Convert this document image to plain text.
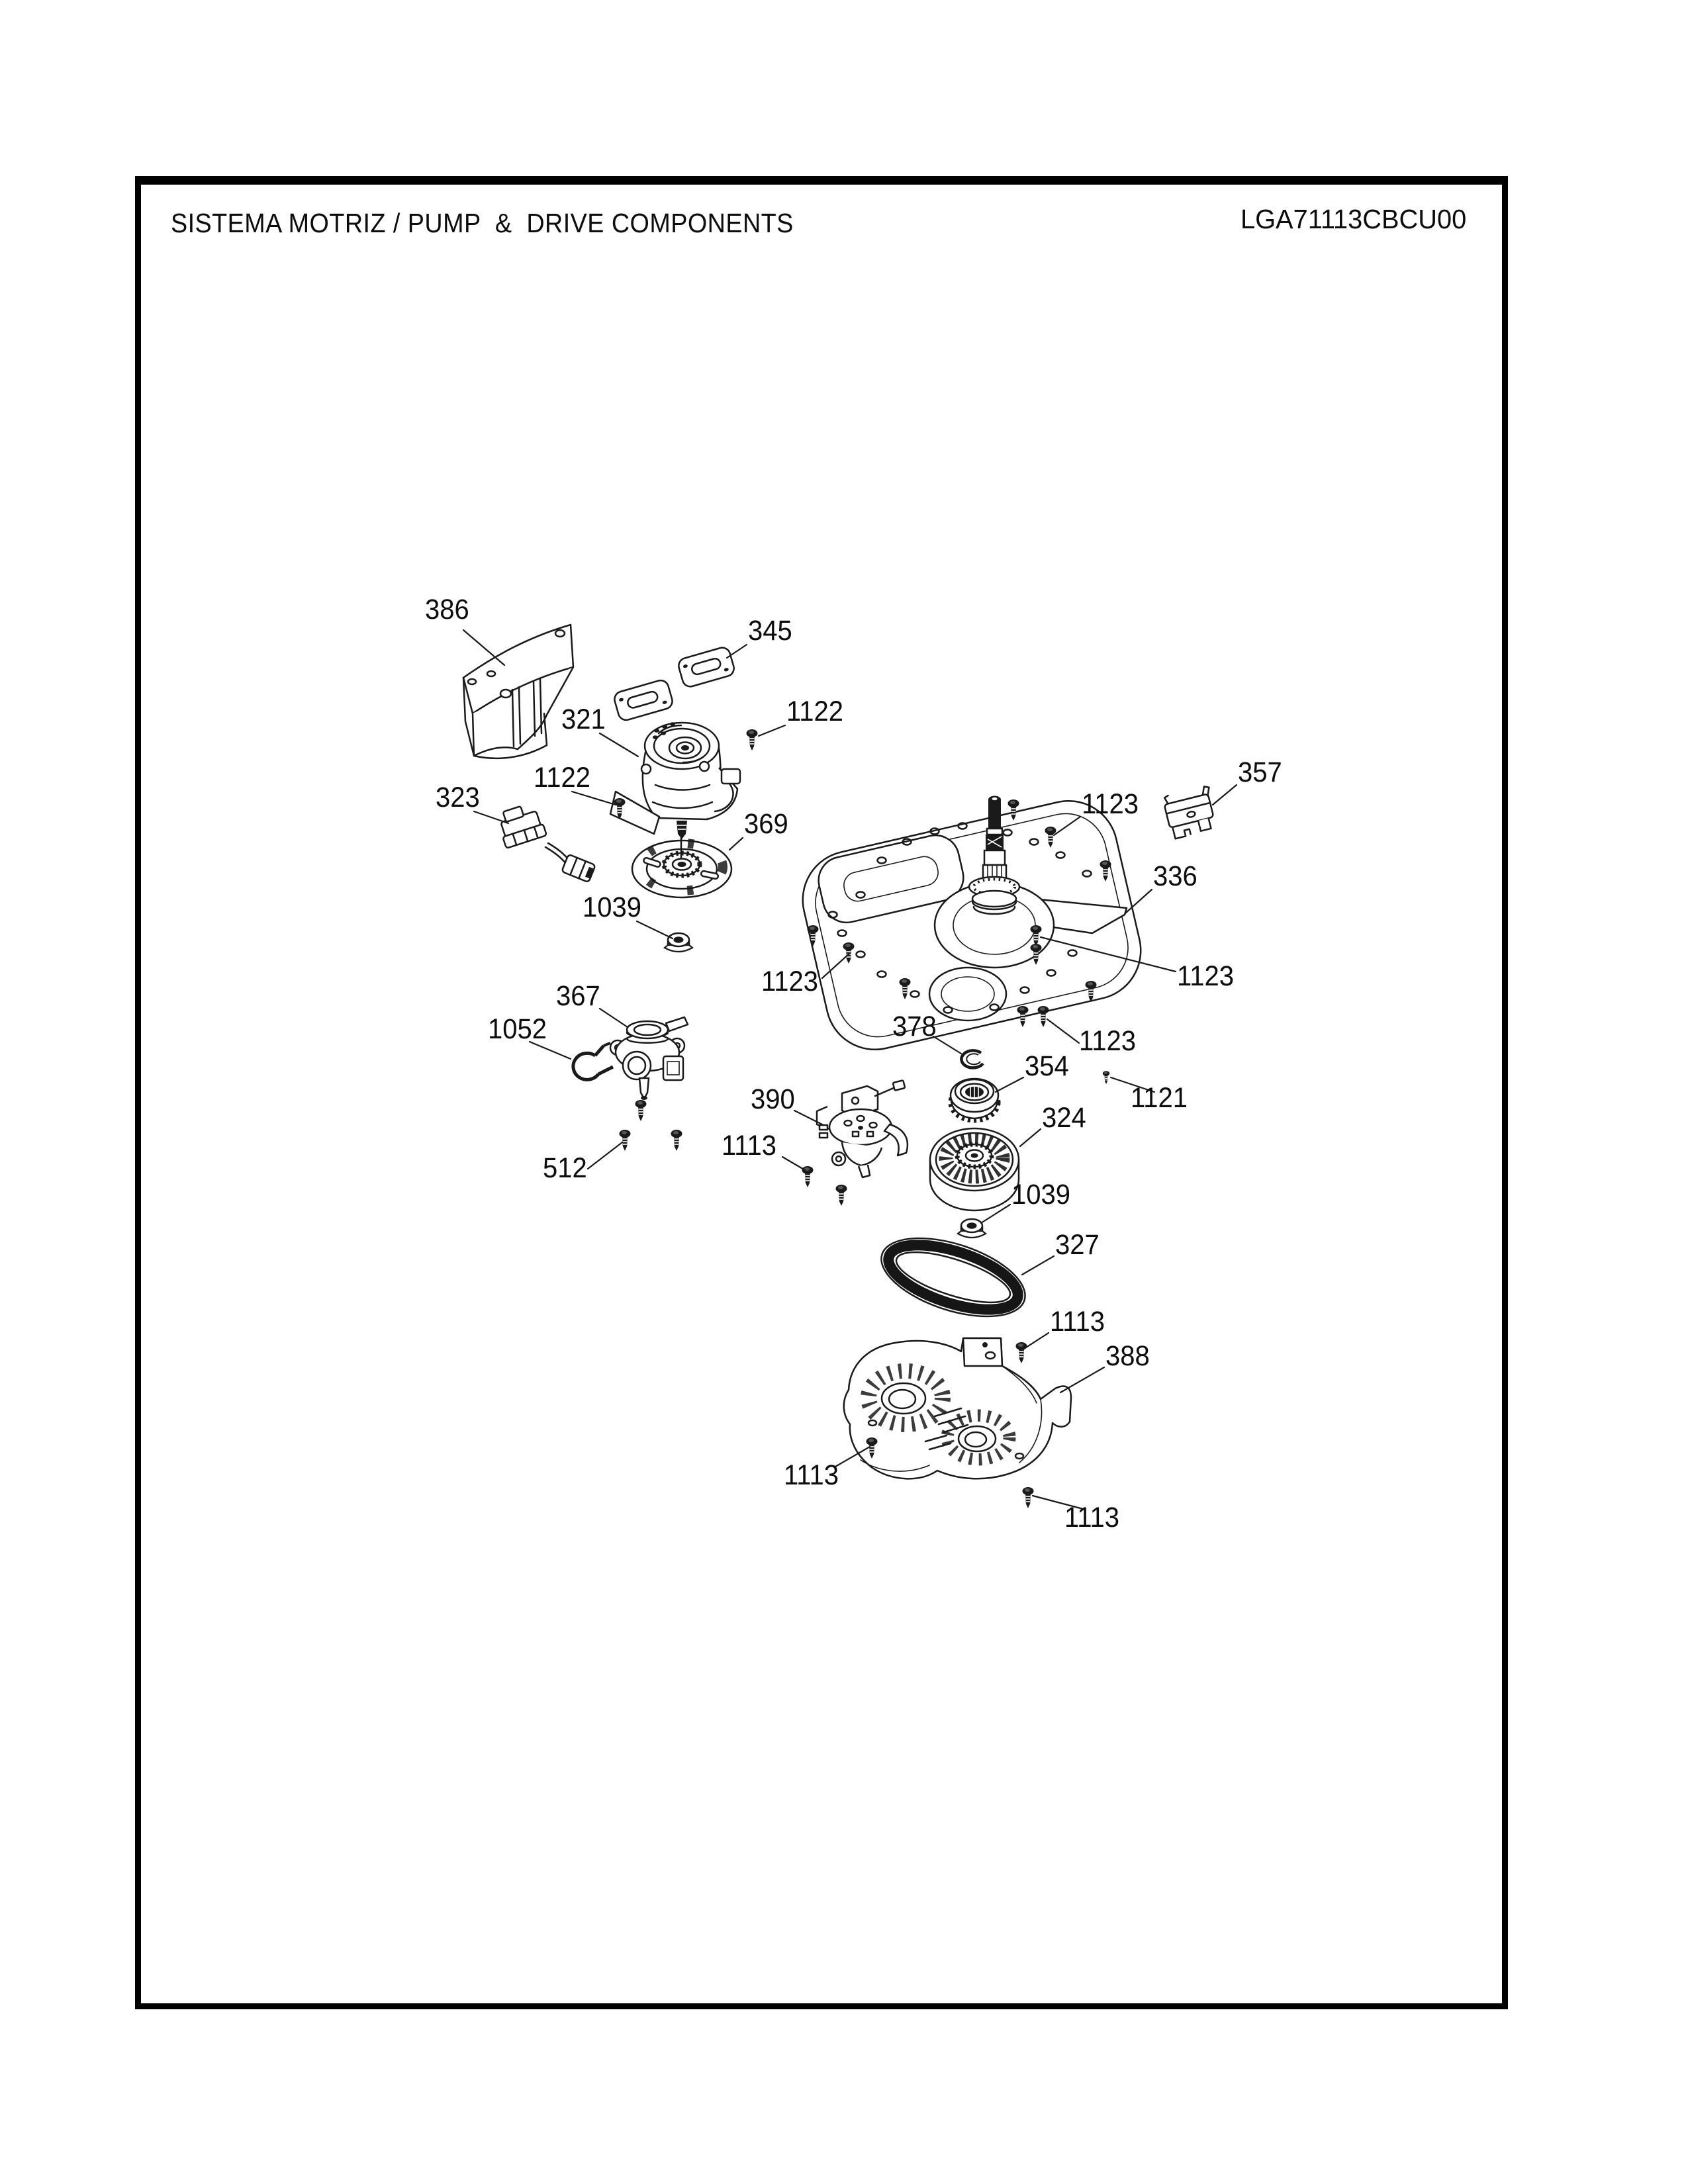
SISTEMA MOTRIZ / PUMP  &  DRIVE COMPONENTS	LGA71113CBCU00
386
345
321	1122
1122
323
369
357
1123
336
1039
1123	1123
367
378	1123
1052
354
1121
390
324
1113
512
1039
327
1113
388
1113
1113
